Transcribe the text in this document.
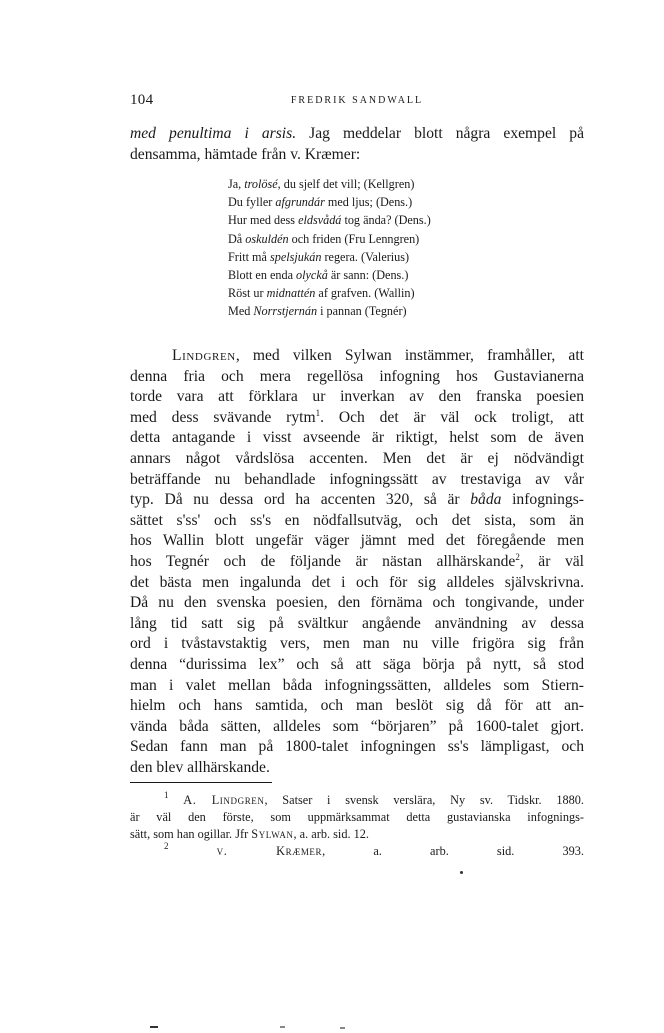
104	FREDRIK SANDWALL
med penultima i arsis. Jag meddelar blott några exempel på
densamma, hämtade från v. Kræmer:
Ja, trolösé, du sjelf det vill; (Kellgren)
Du fyller afgrundár med ljus; (Dens.)
Hur med dess eldsvådá tog ända? (Dens.)
Då oskuldén och friden (Fru Lenngren)
Fritt må spelsjukán regera. (Valerius)
Blott en enda olyckå är sann: (Dens.)
Röst ur midnattén af grafven. (Wallin)
Med Norrstjernán i pannan (Tegnér)
Lindgren, med vilken Sylwan instämmer, framhåller, att
denna fria och mera regellösa infogning hos Gustavianerna
torde vara att förklara ur inverkan av den franska poesien
med dess svävande rytm$^1$. Och det är väl ock troligt, att
detta antagande i visst avseende är riktigt, helst som de även
annars något vårdslösa accenten. Men det är ej nödvändigt
beträffande nu behandlade infogningssätt av trestaviga av vår
typ. Då nu dessa ord ha accenten 320, så är båda infognings-
sättet s'ss' och ss's en nödfallsutväg, och det sista, som än
hos Wallin blott ungefär väger jämnt med det föregående men
hos Tegnér och de följande är nästan allhärskande$^2$, är väl
det bästa men ingalunda det i och för sig alldeles självskrivna.
Då nu den svenska poesien, den förnäma och tongivande, under
lång tid satt sig på svältkur angående användning av dessa
ord i tvåstavstaktig vers, men man nu ville frigöra sig från
denna “durissima lex” och så att säga börja på nytt, så stod
man i valet mellan båda infogningssätten, alldeles som Stiern-
hielm och hans samtida, och man beslöt sig då för att an-
vända båda sätten, alldeles som “börjaren” på 1600-talet gjort.
Sedan fann man på 1800-talet infogningen ss's lämpligast, och
den blev allhärskande.
$^1$ A. Lindgren, Satser i svensk verslära, Ny sv. Tidskr. 1880.
är väl den förste, som uppmärksammat detta gustavianska infognings-
sätt, som han ogillar. Jfr Sylwan, a. arb. sid. 12.
$^2$	v. Kræmer, a. arb. sid. 393.
